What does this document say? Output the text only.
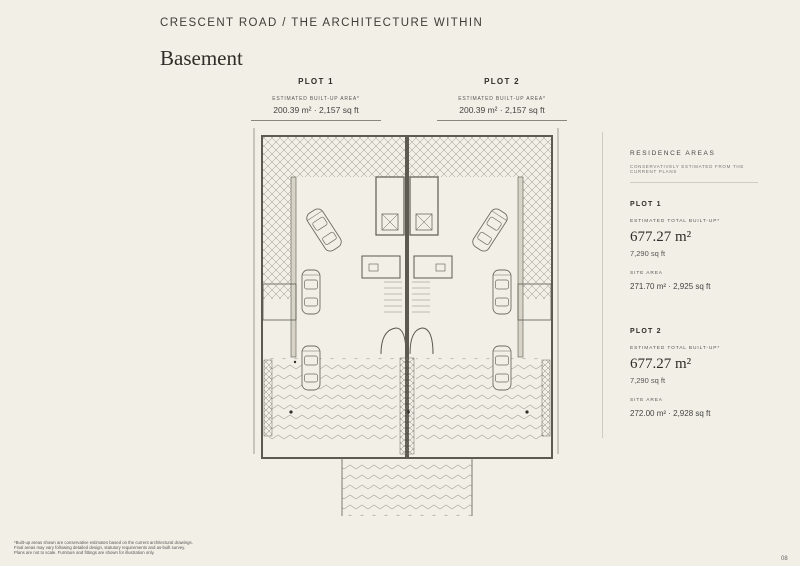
CRESCENT ROAD / THE ARCHITECTURE WITHIN
Basement
PLOT 1
ESTIMATED BUILT-UP AREA*
200.39 m² · 2,157 sq ft
PLOT 2
ESTIMATED BUILT-UP AREA*
200.39 m² · 2,157 sq ft
RESIDENCE AREAS
CONSERVATIVELY ESTIMATED FROM THE CURRENT PLANS
PLOT 1
ESTIMATED TOTAL BUILT-UP*
677.27 m²
7,290 sq ft
SITE AREA
271.70 m² · 2,925 sq ft
PLOT 2
ESTIMATED TOTAL BUILT-UP*
677.27 m²
7,290 sq ft
SITE AREA
272.00 m² · 2,928 sq ft
*Built-up areas shown are conservative estimates based on the current architectural drawings.
Final areas may vary following detailed design, statutory requirements and as-built survey.
Plans are not to scale. Furniture and fittings are shown for illustration only.
08
